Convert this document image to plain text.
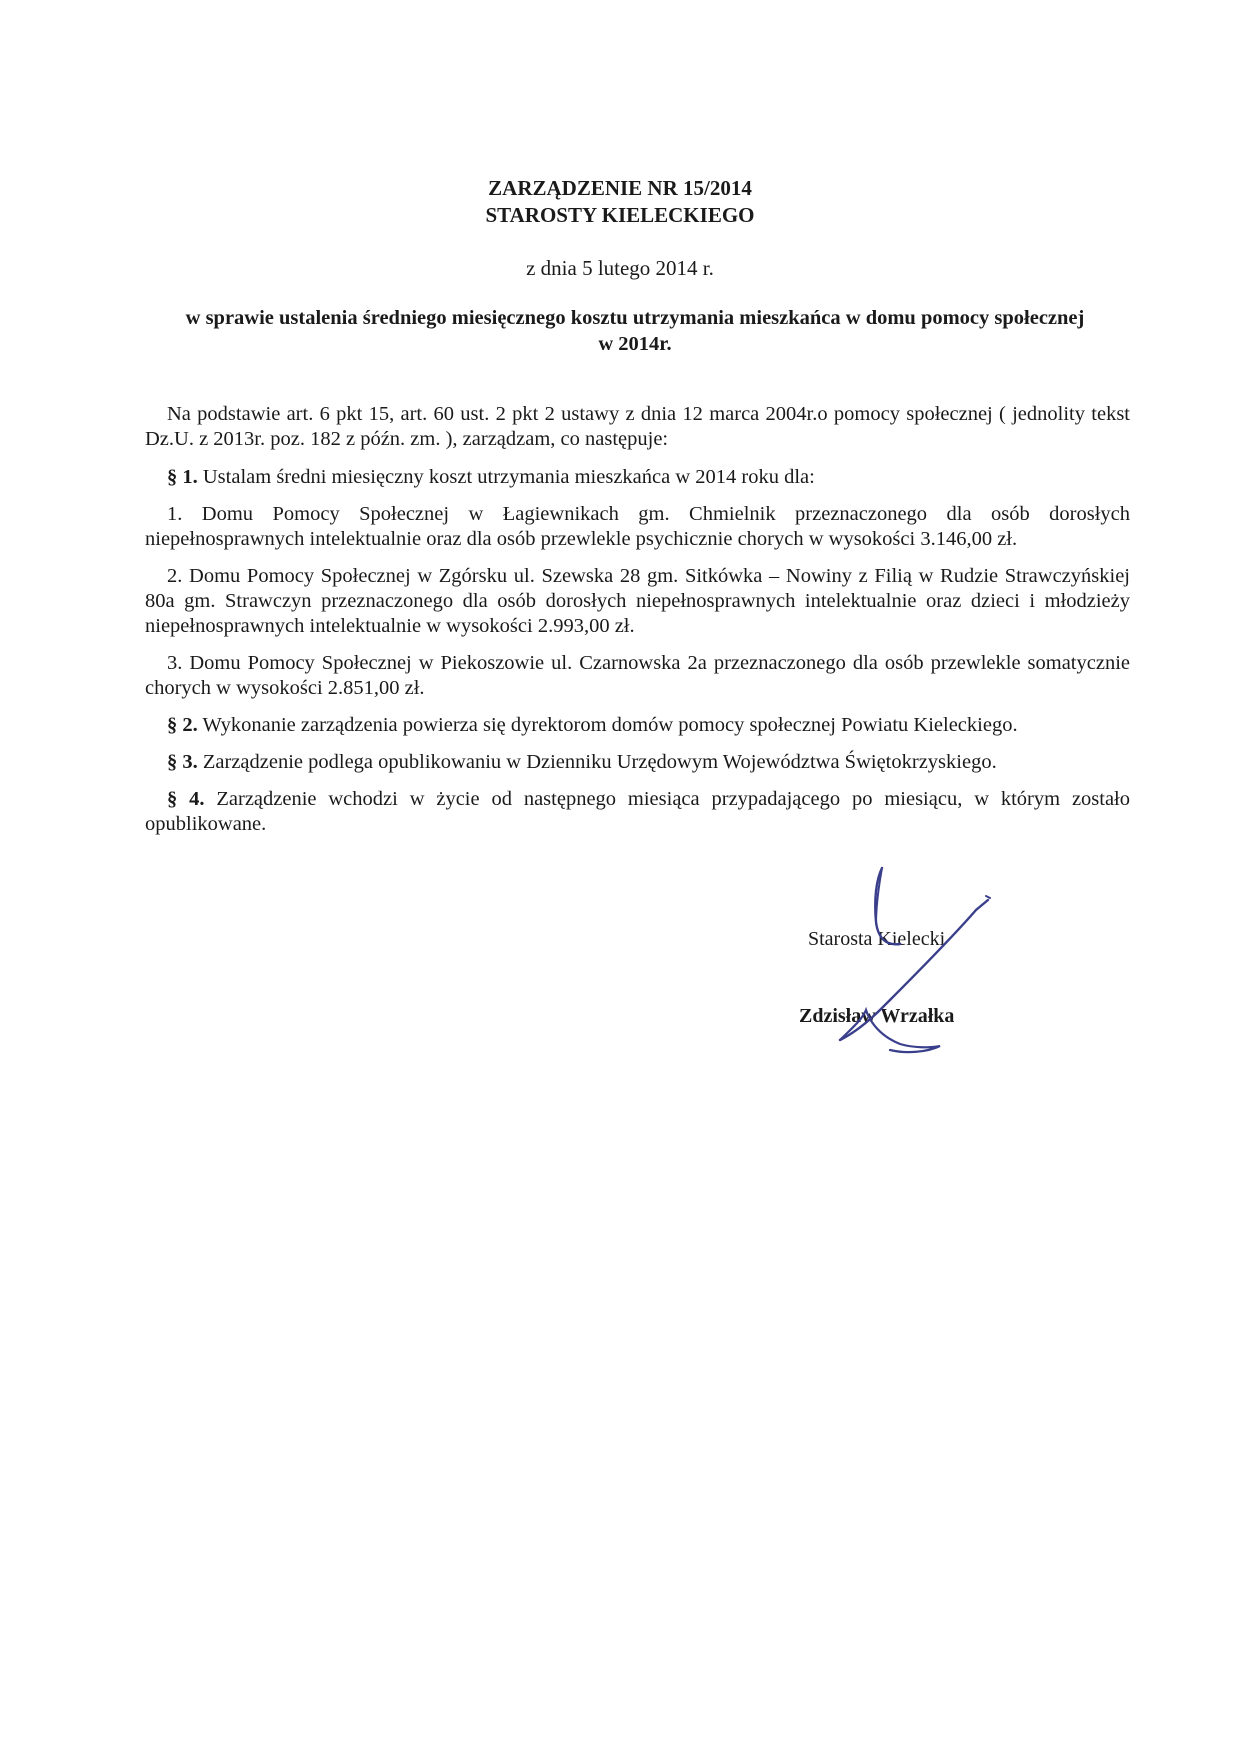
ZARZĄDZENIE NR 15/2014
STAROSTY KIELECKIEGO
z dnia 5 lutego 2014 r.
w sprawie ustalenia średniego miesięcznego kosztu utrzymania mieszkańca w domu pomocy społecznej
w 2014r.
Na podstawie art. 6 pkt 15, art. 60 ust. 2 pkt 2 ustawy z dnia 12 marca 2004r.o pomocy społecznej ( jednolity tekst Dz.U. z 2013r. poz. 182 z późn. zm. ), zarządzam, co następuje:
§ 1. Ustalam średni miesięczny koszt utrzymania mieszkańca w 2014 roku dla:
1. Domu Pomocy Społecznej w Łagiewnikach gm. Chmielnik przeznaczonego dla osób dorosłych niepełnosprawnych intelektualnie oraz dla osób przewlekle psychicznie chorych w wysokości 3.146,00 zł.
2. Domu Pomocy Społecznej w Zgórsku ul. Szewska 28 gm. Sitkówka – Nowiny z Filią w Rudzie Strawczyńskiej 80a gm. Strawczyn przeznaczonego dla osób dorosłych niepełnosprawnych intelektualnie oraz dzieci i młodzieży niepełnosprawnych intelektualnie w wysokości 2.993,00 zł.
3. Domu Pomocy Społecznej w Piekoszowie ul. Czarnowska 2a przeznaczonego dla osób przewlekle somatycznie chorych w wysokości 2.851,00 zł.
§ 2. Wykonanie zarządzenia powierza się dyrektorom domów pomocy społecznej Powiatu Kieleckiego.
§ 3. Zarządzenie podlega opublikowaniu w Dzienniku Urzędowym Województwa Świętokrzyskiego.
§ 4. Zarządzenie wchodzi w życie od następnego miesiąca przypadającego po miesiącu, w którym zostało opublikowane.
Starosta Kielecki
Zdzisław Wrzałka
